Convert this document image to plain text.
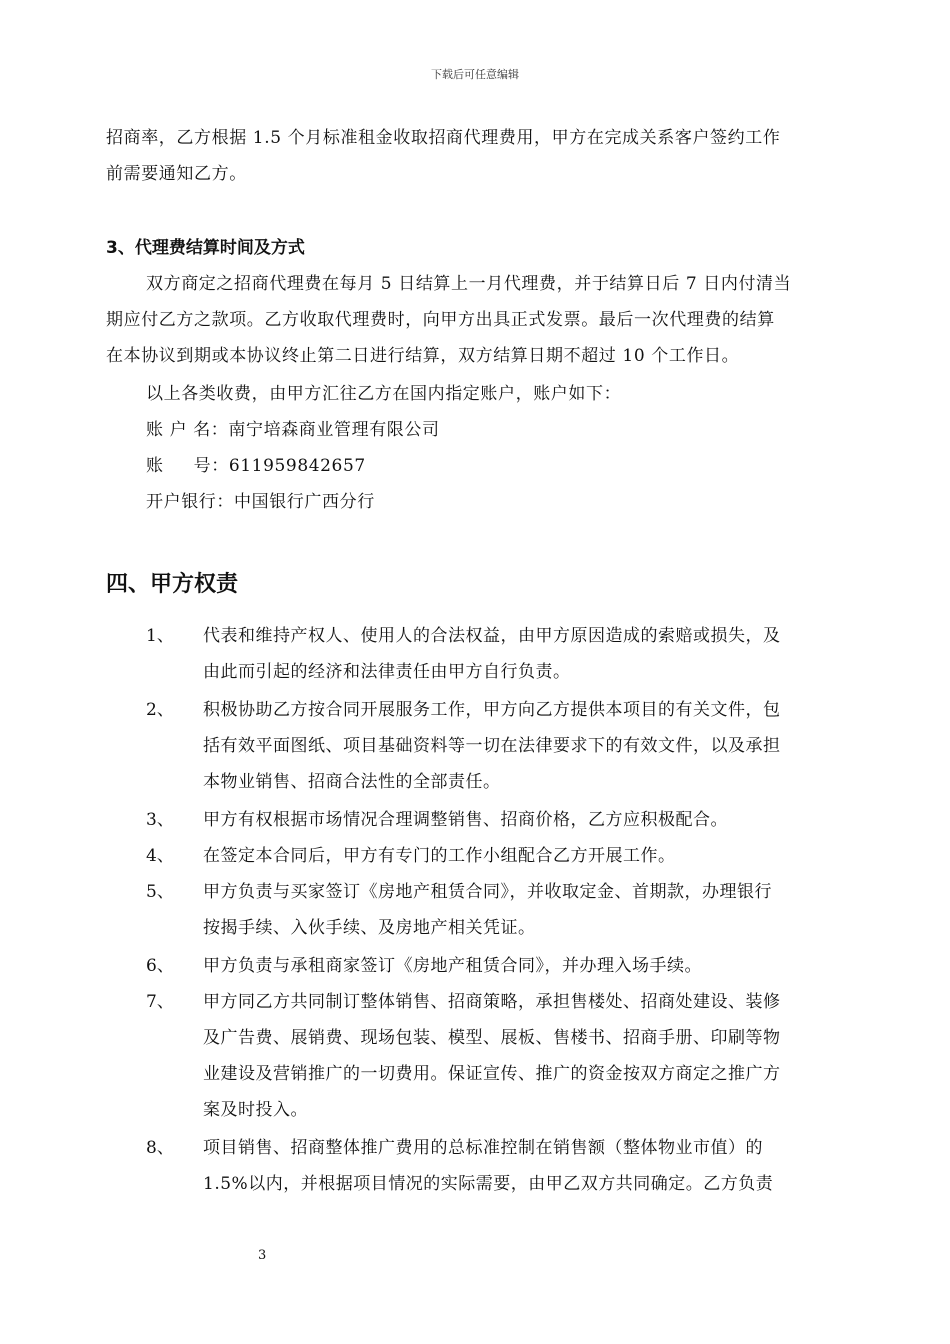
下载后可任意编辑
招商率，乙方根据 1.5 个月标准租金收取招商代理费用，甲方在完成关系客户签约工作
前需要通知乙方。
3、代理费结算时间及方式
双方商定之招商代理费在每月 5 日结算上一月代理费，并于结算日后 7 日内付清当
期应付乙方之款项。乙方收取代理费时，向甲方出具正式发票。最后一次代理费的结算
在本协议到期或本协议终止第二日进行结算，双方结算日期不超过 10 个工作日。
以上各类收费，由甲方汇往乙方在国内指定账户，账户如下：
账 户 名：南宁培森商业管理有限公司
账     号：611959842657
开户银行：中国银行广西分行
四、甲方权责
1、 代表和维持产权人、使用人的合法权益，由甲方原因造成的索赔或损失，及
由此而引起的经济和法律责任由甲方自行负责。
2、 积极协助乙方按合同开展服务工作，甲方向乙方提供本项目的有关文件，包
括有效平面图纸、项目基础资料等一切在法律要求下的有效文件，以及承担
本物业销售、招商合法性的全部责任。
3、 甲方有权根据市场情况合理调整销售、招商价格，乙方应积极配合。
4、 在签定本合同后，甲方有专门的工作小组配合乙方开展工作。
5、 甲方负责与买家签订《房地产租赁合同》，并收取定金、首期款，办理银行
按揭手续、入伙手续、及房地产相关凭证。
6、 甲方负责与承租商家签订《房地产租赁合同》，并办理入场手续。
7、 甲方同乙方共同制订整体销售、招商策略，承担售楼处、招商处建设、装修
及广告费、展销费、现场包装、模型、展板、售楼书、招商手册、印刷等物
业建设及营销推广的一切费用。保证宣传、推广的资金按双方商定之推广方
案及时投入。
8、 项目销售、招商整体推广费用的总标准控制在销售额（整体物业市值）的
1.5%以内，并根据项目情况的实际需要，由甲乙双方共同确定。乙方负责
3
